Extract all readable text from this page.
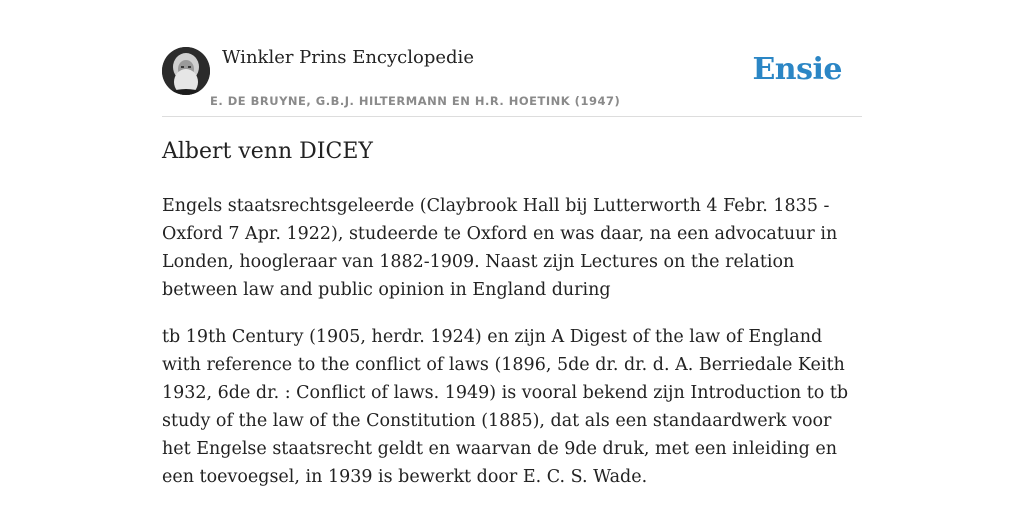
Winkler Prins Encyclopedie
E. DE BRUYNE, G.B.J. HILTERMANN EN H.R. HOETINK (1947)
Ensie
Albert venn DICEY

Engels staatsrechtsgeleerde (Claybrook Hall bij Lutterworth 4 Febr. 1835 - Oxford 7 Apr. 1922), studeerde te Oxford en was daar, na een advocatuur in Londen, hoogleraar van 1882-1909. Naast zijn Lectures on the relation between law and public opinion in England during

tb 19th Century (1905, herdr. 1924) en zijn A Digest of the law of England with reference to the conflict of laws (1896, 5de dr. dr. d. A. Berriedale Keith 1932, 6de dr. : Conflict of laws. 1949) is vooral bekend zijn Introduction to tb study of the law of the Constitution (1885), dat als een standaardwerk voor het Engelse staatsrecht geldt en waarvan de 9de druk, met een inleiding en een toevoegsel, in 1939 is bewerkt door E. C. S. Wade.
